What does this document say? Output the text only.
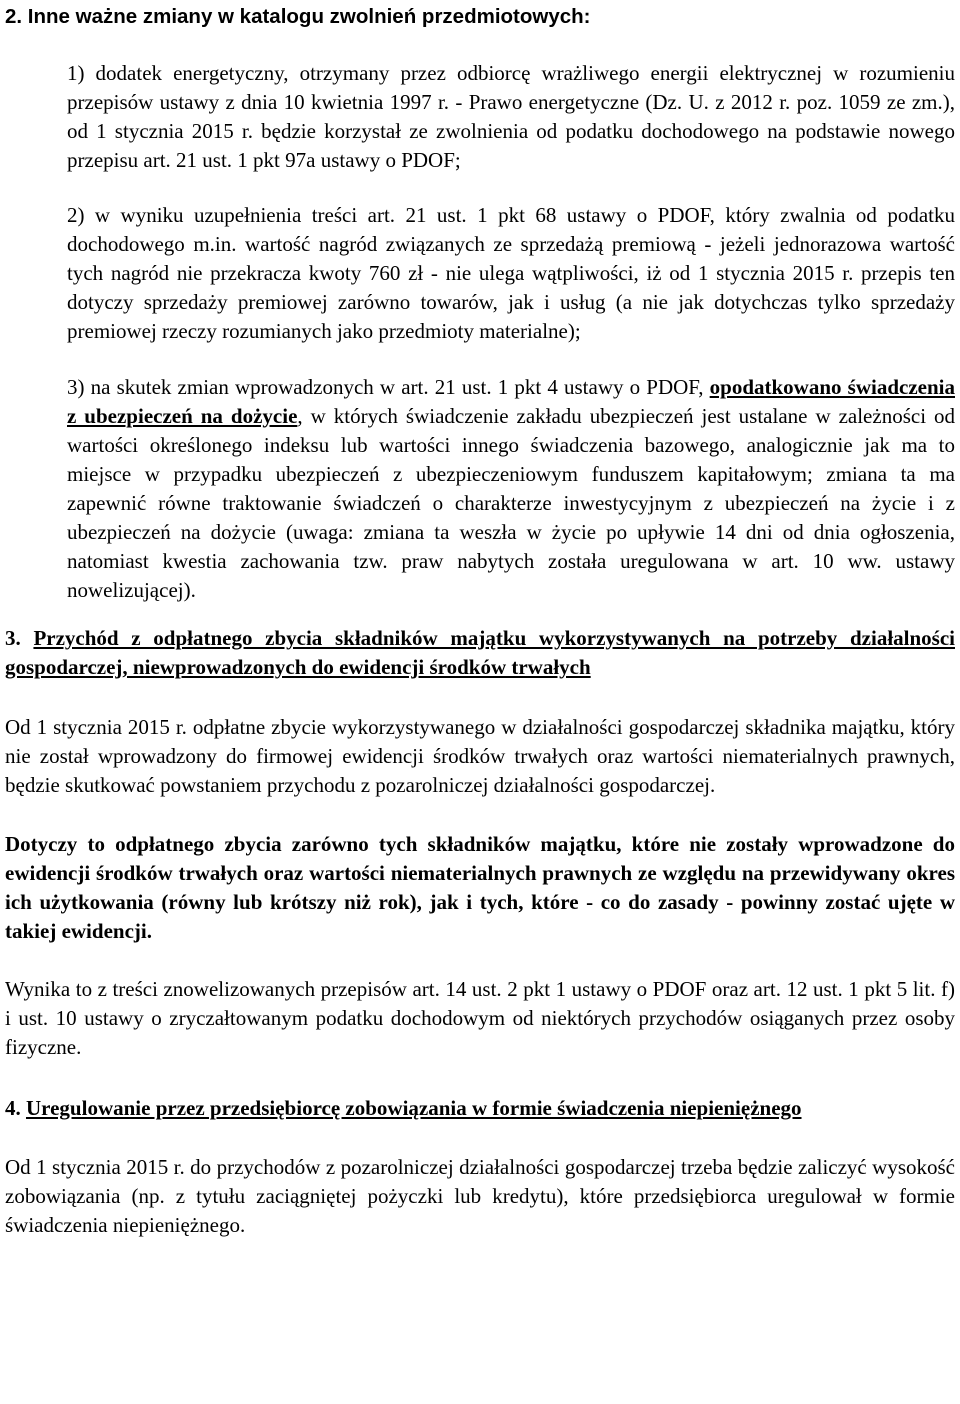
2. Inne ważne zmiany w katalogu zwolnień przedmiotowych:

1) dodatek energetyczny, otrzymany przez odbiorcę wrażliwego energii elektrycznej w rozumieniu przepisów ustawy z dnia 10 kwietnia 1997 r. - Prawo energetyczne (Dz. U. z 2012 r. poz. 1059 ze zm.), od 1 stycznia 2015 r. będzie korzystał ze zwolnienia od podatku dochodowego na podstawie nowego przepisu art. 21 ust. 1 pkt 97a ustawy o PDOF;

2) w wyniku uzupełnienia treści art. 21 ust. 1 pkt 68 ustawy o PDOF, który zwalnia od podatku dochodowego m.in. wartość nagród związanych ze sprzedażą premiową - jeżeli jednorazowa wartość tych nagród nie przekracza kwoty 760 zł - nie ulega wątpliwości, iż od 1 stycznia 2015 r. przepis ten dotyczy sprzedaży premiowej zarówno towarów, jak i usług (a nie jak dotychczas tylko sprzedaży premiowej rzeczy rozumianych jako przedmioty materialne);

3) na skutek zmian wprowadzonych w art. 21 ust. 1 pkt 4 ustawy o PDOF, opodatkowano świadczenia z ubezpieczeń na dożycie, w których świadczenie zakładu ubezpieczeń jest ustalane w zależności od wartości określonego indeksu lub wartości innego świadczenia bazowego, analogicznie jak ma to miejsce w przypadku ubezpieczeń z ubezpieczeniowym funduszem kapitałowym; zmiana ta ma zapewnić równe traktowanie świadczeń o charakterze inwestycyjnym z ubezpieczeń na życie i z ubezpieczeń na dożycie (uwaga: zmiana ta weszła w życie po upływie 14 dni od dnia ogłoszenia, natomiast kwestia zachowania tzw. praw nabytych została uregulowana w art. 10 ww. ustawy nowelizującej).

3. Przychód z odpłatnego zbycia składników majątku wykorzystywanych na potrzeby działalności gospodarczej, niewprowadzonych do ewidencji środków trwałych

Od 1 stycznia 2015 r. odpłatne zbycie wykorzystywanego w działalności gospodarczej składnika majątku, który nie został wprowadzony do firmowej ewidencji środków trwałych oraz wartości niematerialnych prawnych, będzie skutkować powstaniem przychodu z pozarolniczej działalności gospodarczej.

Dotyczy to odpłatnego zbycia zarówno tych składników majątku, które nie zostały wprowadzone do ewidencji środków trwałych oraz wartości niematerialnych prawnych ze względu na przewidywany okres ich użytkowania (równy lub krótszy niż rok), jak i tych, które - co do zasady - powinny zostać ujęte w takiej ewidencji.

Wynika to z treści znowelizowanych przepisów art. 14 ust. 2 pkt 1 ustawy o PDOF oraz art. 12 ust. 1 pkt 5 lit. f) i ust. 10 ustawy o zryczałtowanym podatku dochodowym od niektórych przychodów osiąganych przez osoby fizyczne.

4. Uregulowanie przez przedsiębiorcę zobowiązania w formie świadczenia niepieniężnego

Od 1 stycznia 2015 r. do przychodów z pozarolniczej działalności gospodarczej trzeba będzie zaliczyć wysokość zobowiązania (np. z tytułu zaciągniętej pożyczki lub kredytu), które przedsiębiorca uregulował w formie świadczenia niepieniężnego.
